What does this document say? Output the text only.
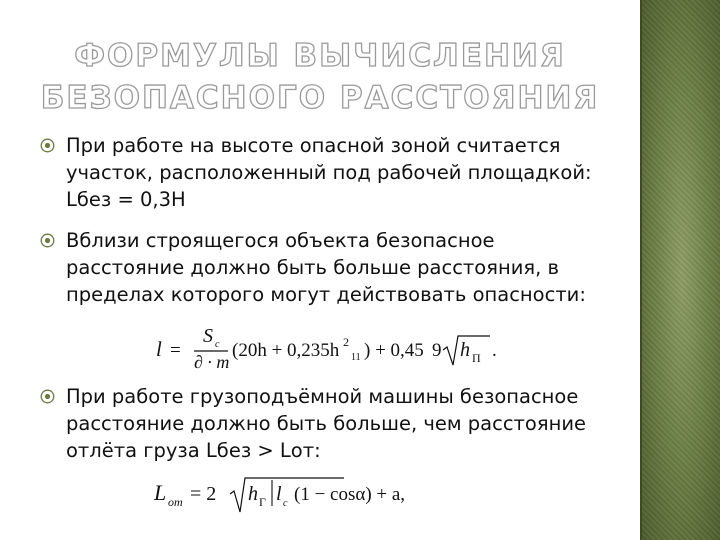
ФОРМУЛЫ ВЫЧИСЛЕНИЯ
БЕЗОПАСНОГО РАССТОЯНИЯ
При работе на высоте опасной зоной считается участок, расположенный под рабочей площадкой: Lбез = 0,3Н
Вблизи строящегося объекта безопасное расстояние должно быть больше расстояния, в пределах которого могут действовать опасности:
l =
S c
∂ · m
(20h + 0,235h 2
11 ) + 0,45 9 h П .
При работе грузоподъёмной машины безопасное расстояние должно быть больше, чем расстояние отлёта груза Lбез > Lот:
L от = 2 h Г l c (1 − cosα) + a,
